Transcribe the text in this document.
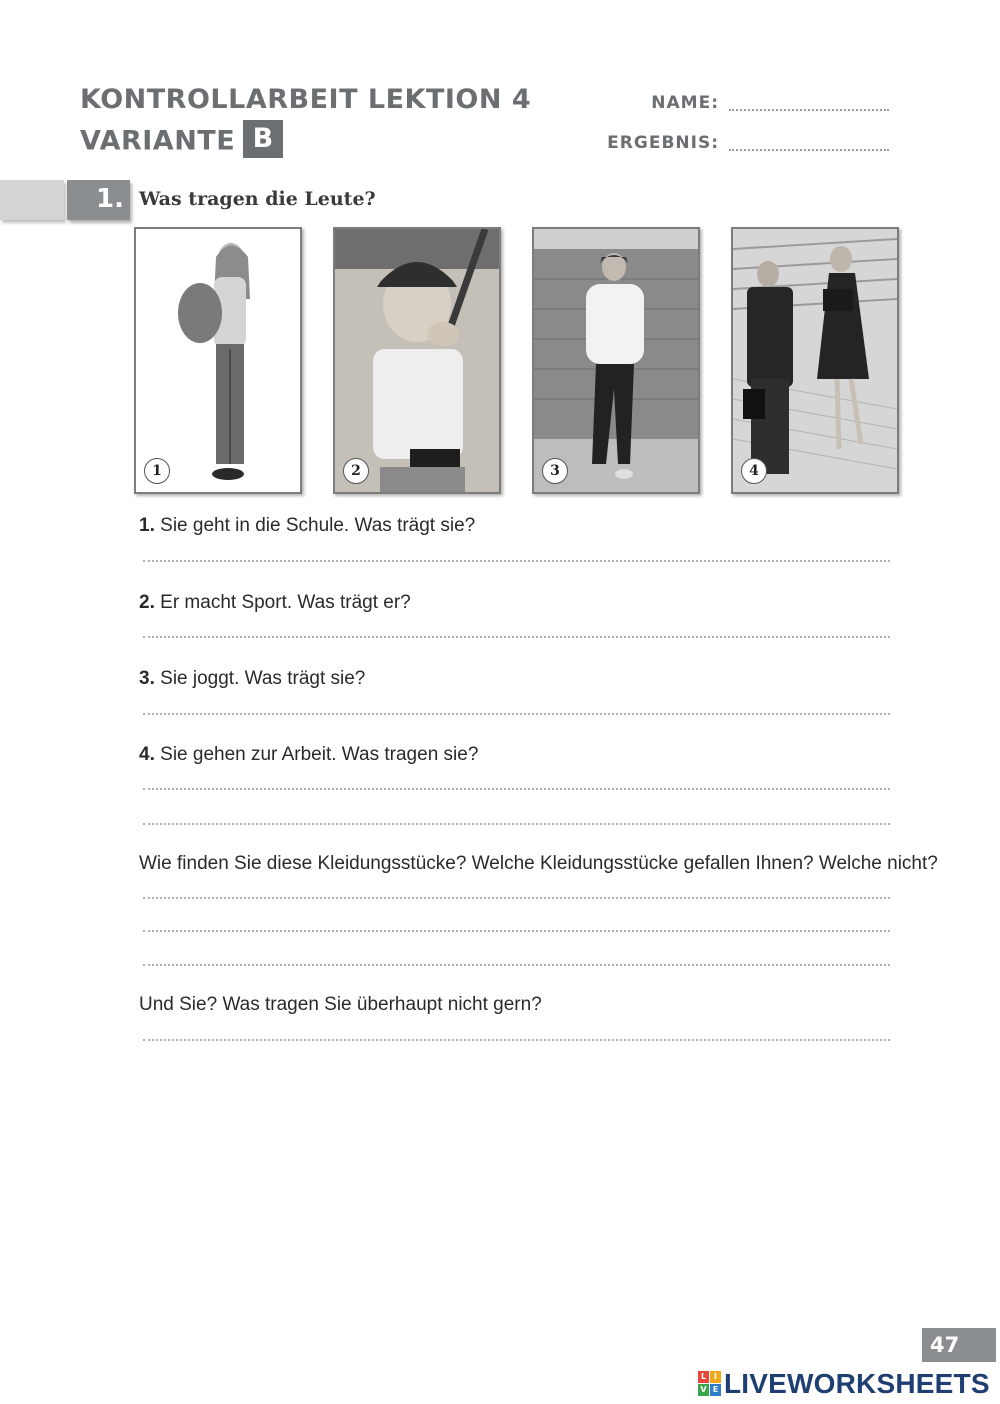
KONTROLLARBEIT LEKTION 4
VARIANTE B
NAME:
ERGEBNIS:
1. Was tragen die Leute?
1	2	3	4
1. Sie geht in die Schule. Was trägt sie?
2. Er macht Sport. Was trägt er?
3. Sie joggt. Was trägt sie?
4. Sie gehen zur Arbeit. Was tragen sie?
Wie finden Sie diese Kleidungsstücke? Welche Kleidungsstücke gefallen Ihnen? Welche nicht?
Und Sie? Was tragen Sie überhaupt nicht gern?
47
L I
V E LIVEWORKSHEETS
